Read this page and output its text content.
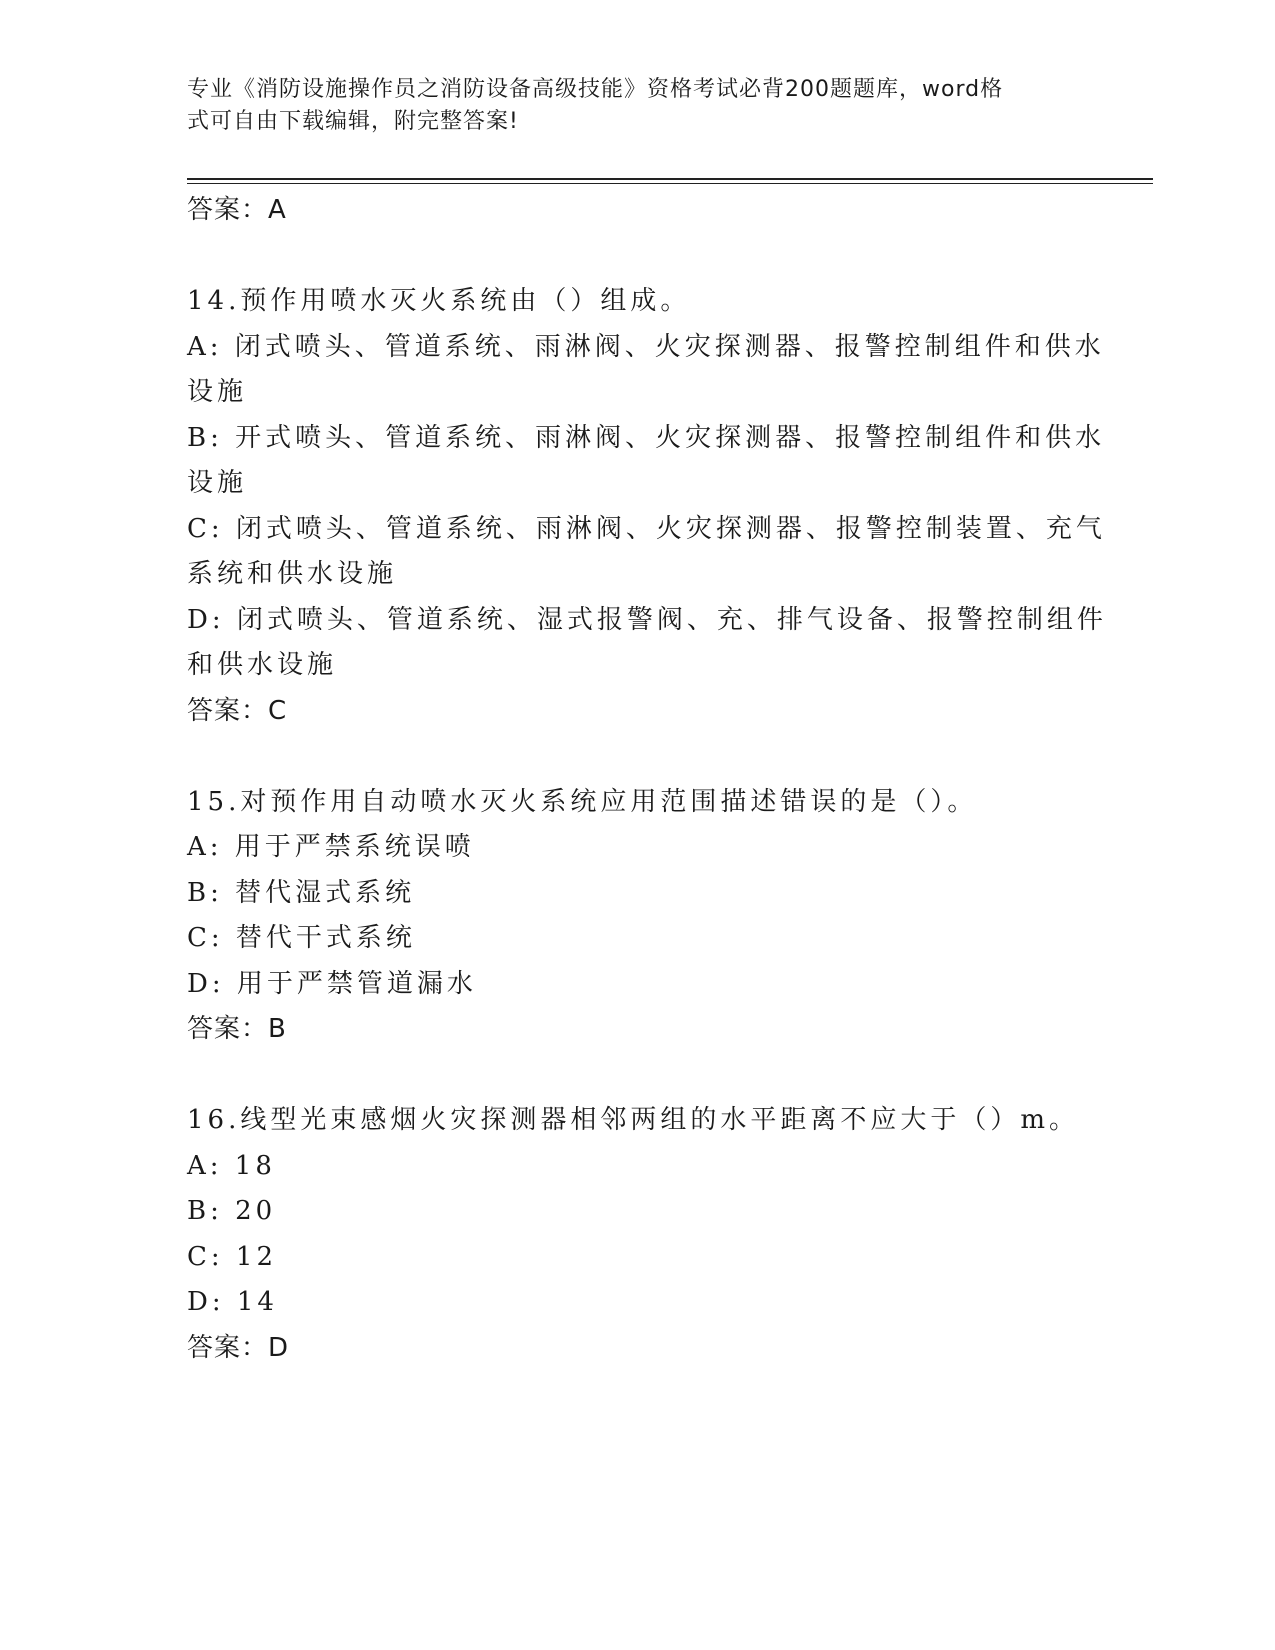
专业《消防设施操作员之消防设备高级技能》资格考试必背200题题库，word格
式可自由下载编辑，附完整答案!
答案：A
14.预作用喷水灭火系统由（）组成。
A: 闭式喷头、管道系统、雨淋阀、火灾探测器、报警控制组件和供水
设施
B: 开式喷头、管道系统、雨淋阀、火灾探测器、报警控制组件和供水
设施
C: 闭式喷头、管道系统、雨淋阀、火灾探测器、报警控制装置、充气
系统和供水设施
D: 闭式喷头、管道系统、湿式报警阀、充、排气设备、报警控制组件
和供水设施
答案：C
15.对预作用自动喷水灭火系统应用范围描述错误的是（）。
A: 用于严禁系统误喷
B: 替代湿式系统
C: 替代干式系统
D: 用于严禁管道漏水
答案：B
16.线型光束感烟火灾探测器相邻两组的水平距离不应大于（）m。
A: 18
B: 20
C: 12
D: 14
答案：D
